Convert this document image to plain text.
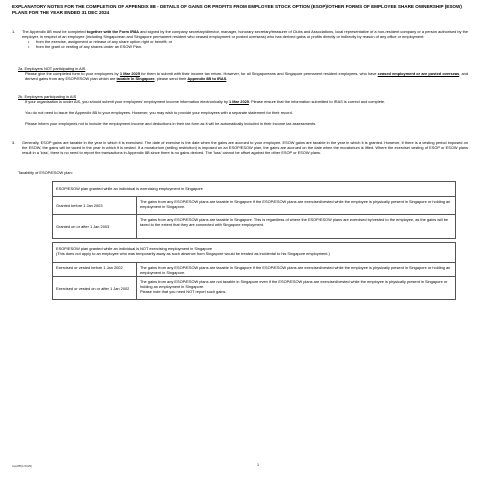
EXPLANATORY NOTES FOR THE COMPLETION OF APPENDIX 8B - DETAILS OF GAINS OR PROFITS FROM EMPLOYEE STOCK OPTION (ESOP)/OTHER FORMS OF EMPLOYEE SHARE OWNERSHIP (ESOW) PLANS FOR THE YEAR ENDED 31 DEC 2024
1. The Appendix 8B must be completed together with the Form IR8A and signed by the company secretary/director, manager, honorary secretary/treasurer of Clubs and Associations, local representative of a non-resident company or a person authorised by the employer, in respect of an employee (including Singaporean and Singapore permanent resident who ceased employment or posted overseas) who has derived gains or profits directly or indirectly by reason of any office or employment:
• from the exercise, assignment or release of any share option right or benefit; or
• from the grant or vesting of any shares under an ESOW Plan.
2a. Employers NOT participating in AIS
Please give the completed form to your employees by 1 Mar 2025 for them to submit with their income tax return. However, for all Singaporeans and Singapore permanent resident employees, who have ceased employment or are posted overseas, and derived gains from any ESOP/ESOW plan which are taxable in Singapore, please send their Appendix 8B to IRAS.
2b. Employers participating in AIS
If your organisation is under AIS, you should submit your employees' employment income information electronically by 1 Mar 2025. Please ensure that the information submitted to IRAS is correct and complete.
You do not need to issue the Appendix 8B to your employees. However, you may wish to provide your employees with a separate statement for their record.
Please inform your employees not to include the employment income and deductions in their tax form as it will be automatically included in their income tax assessments.
3. Generally, ESOP gains are taxable in the year in which it is exercised. The date of exercise is the date when the gains are accrued to your employee. ESOW gains are taxable in the year in which it is granted. However, if there is a vesting period imposed on the ESOW, the gains will be taxed in the year in which it is vested. If a moratorium (selling restriction) is imposed on an ESOP/ESOW plan, the gains are accrued on the date when the moratorium is lifted. Where the exercise/ vesting of ESOP or ESOW plans result in a 'loss', there is no need to report the transactions in Appendix 8B since there is no gains derived. The 'loss' cannot be offset against the other ESOP or ESOW plans.
Taxability of ESOP/ESOW plan:
ESOP/ESOW plan granted while an individual is exercising employment in Singapore	
Granted before 1 Jan 2003	The gains from any ESOP/ESOW plans are taxable in Singapore if the ESOP/ESOW plans are exercised/vested while the employee is physically present in Singapore or holding an employment in Singapore.
Granted on or after 1 Jan 2003	The gains from any ESOP/ESOW plans are taxable in Singapore. This is regardless of where the ESOP/ESOW plans are exercised by/vested to the employee, as the gains will be taxed to the extent that they are connected with Singapore employment.
ESOP/ESOW plan granted while an individual is NOT exercising employment in Singapore
(This does not apply to an employee who was temporarily away as such absence from Singapore would be treated as incidental to his Singapore employment.)	

Exercised or vested before 1 Jan 2002	The gains from any ESOP/ESOW plans are taxable in Singapore if the ESOP/ESOW plans are exercised/vested while the employee is physically present in Singapore or holding an employment in Singapore.
Exercised or vested on or after 1 Jan 2002	The gains from any ESOP/ESOW plans are not taxable in Singapore even if the ESOP/ESOW plans are exercised/vested while the employee is physically present in Singapore or holding an employment in Singapore.
Please note that you need NOT report such gains.
App8B(1/2025)	1
